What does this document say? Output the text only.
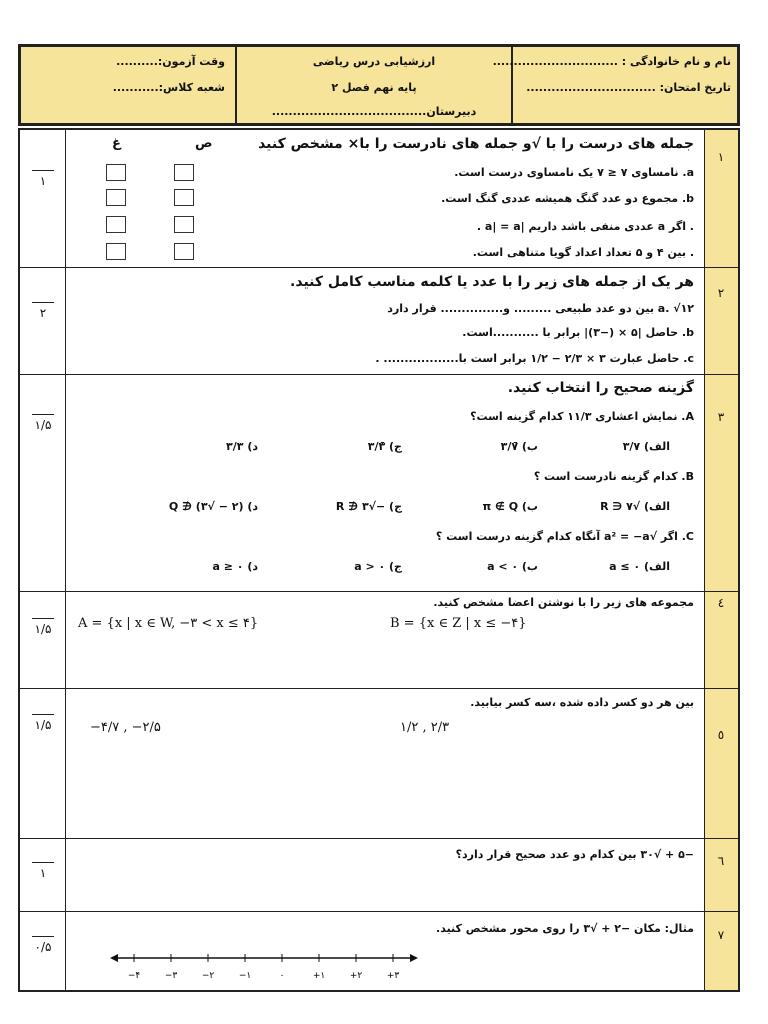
وقت آزمون:..........
شعبه کلاس:...........
ارزشیابی درس ریاضی
پایه نهم فصل ۲
دبیرستان.....................................
نام و نام خانوادگی : ..............................
تاریخ امتحان: ...............................
۱
۲
۳
٤
٥
٦
٧
۱
۲
۱/۵
۱/۵
۱/۵
۱
۰/۵
جمله های درست را با √و جمله های نادرست را با× مشخص کنید
ص
غ
a. نامساوی ۷ ≤ ۷ یک نامساوی درست است.
b. مجموع دو عدد گنگ همیشه عددی گنگ است.
. اگر a عددی منفی باشد داریم |a| = a .
. بین ۴ و ۵ تعداد اعداد گویا متناهی است.
هر یک از جمله های زیر را با عدد یا کلمه مناسب کامل کنید.
a. √۱۲ بین دو عدد طبیعی ......... و............... قرار دارد
b. حاصل |۵ × (−۳)| برابر با ...........است.
c. حاصل عبارت ۳ × ۲/۳ − ۱/۲ برابر است با.................. .
گزینه صحیح را انتخاب کنید.
A. نمایش اعشاری ۱۱/۳ کدام گزینه است؟
الف) ۳/۷
ب) ۳/۷̄
ج) ۳/۳̄
د) ۳/۳
B. کدام گزینه نادرست است ؟
الف) √۷ ∈ R
ب) π ∉ Q
ج) −√۳ ∉ R
د) (۲ − √۳) ∉ Q
C. اگر √a² = −a آنگاه کدام گزینه درست است ؟
الف) a ≤ ۰
ب) a < ۰
ج) a > ۰
د) a ≥ ۰
مجموعه های زیر را با نوشتن اعضا مشخص کنید.
B = {x ∈ Z | x ≤ −۴}
A = {x | x ∈ W, −۳ < x ≤ ۴}
بین هر دو کسر داده شده ،سه کسر بیابید.
۱/۲ , ۲/۳
−۴/۷ , −۲/۵
−۵ + √۳۰ بین کدام دو عدد صحیح قرار دارد؟
مثال: مکان −۲ + √۳ را روی محور مشخص کنید.
−۴	−۳	−۲	−۱	۰	+۱	+۲	+۳
